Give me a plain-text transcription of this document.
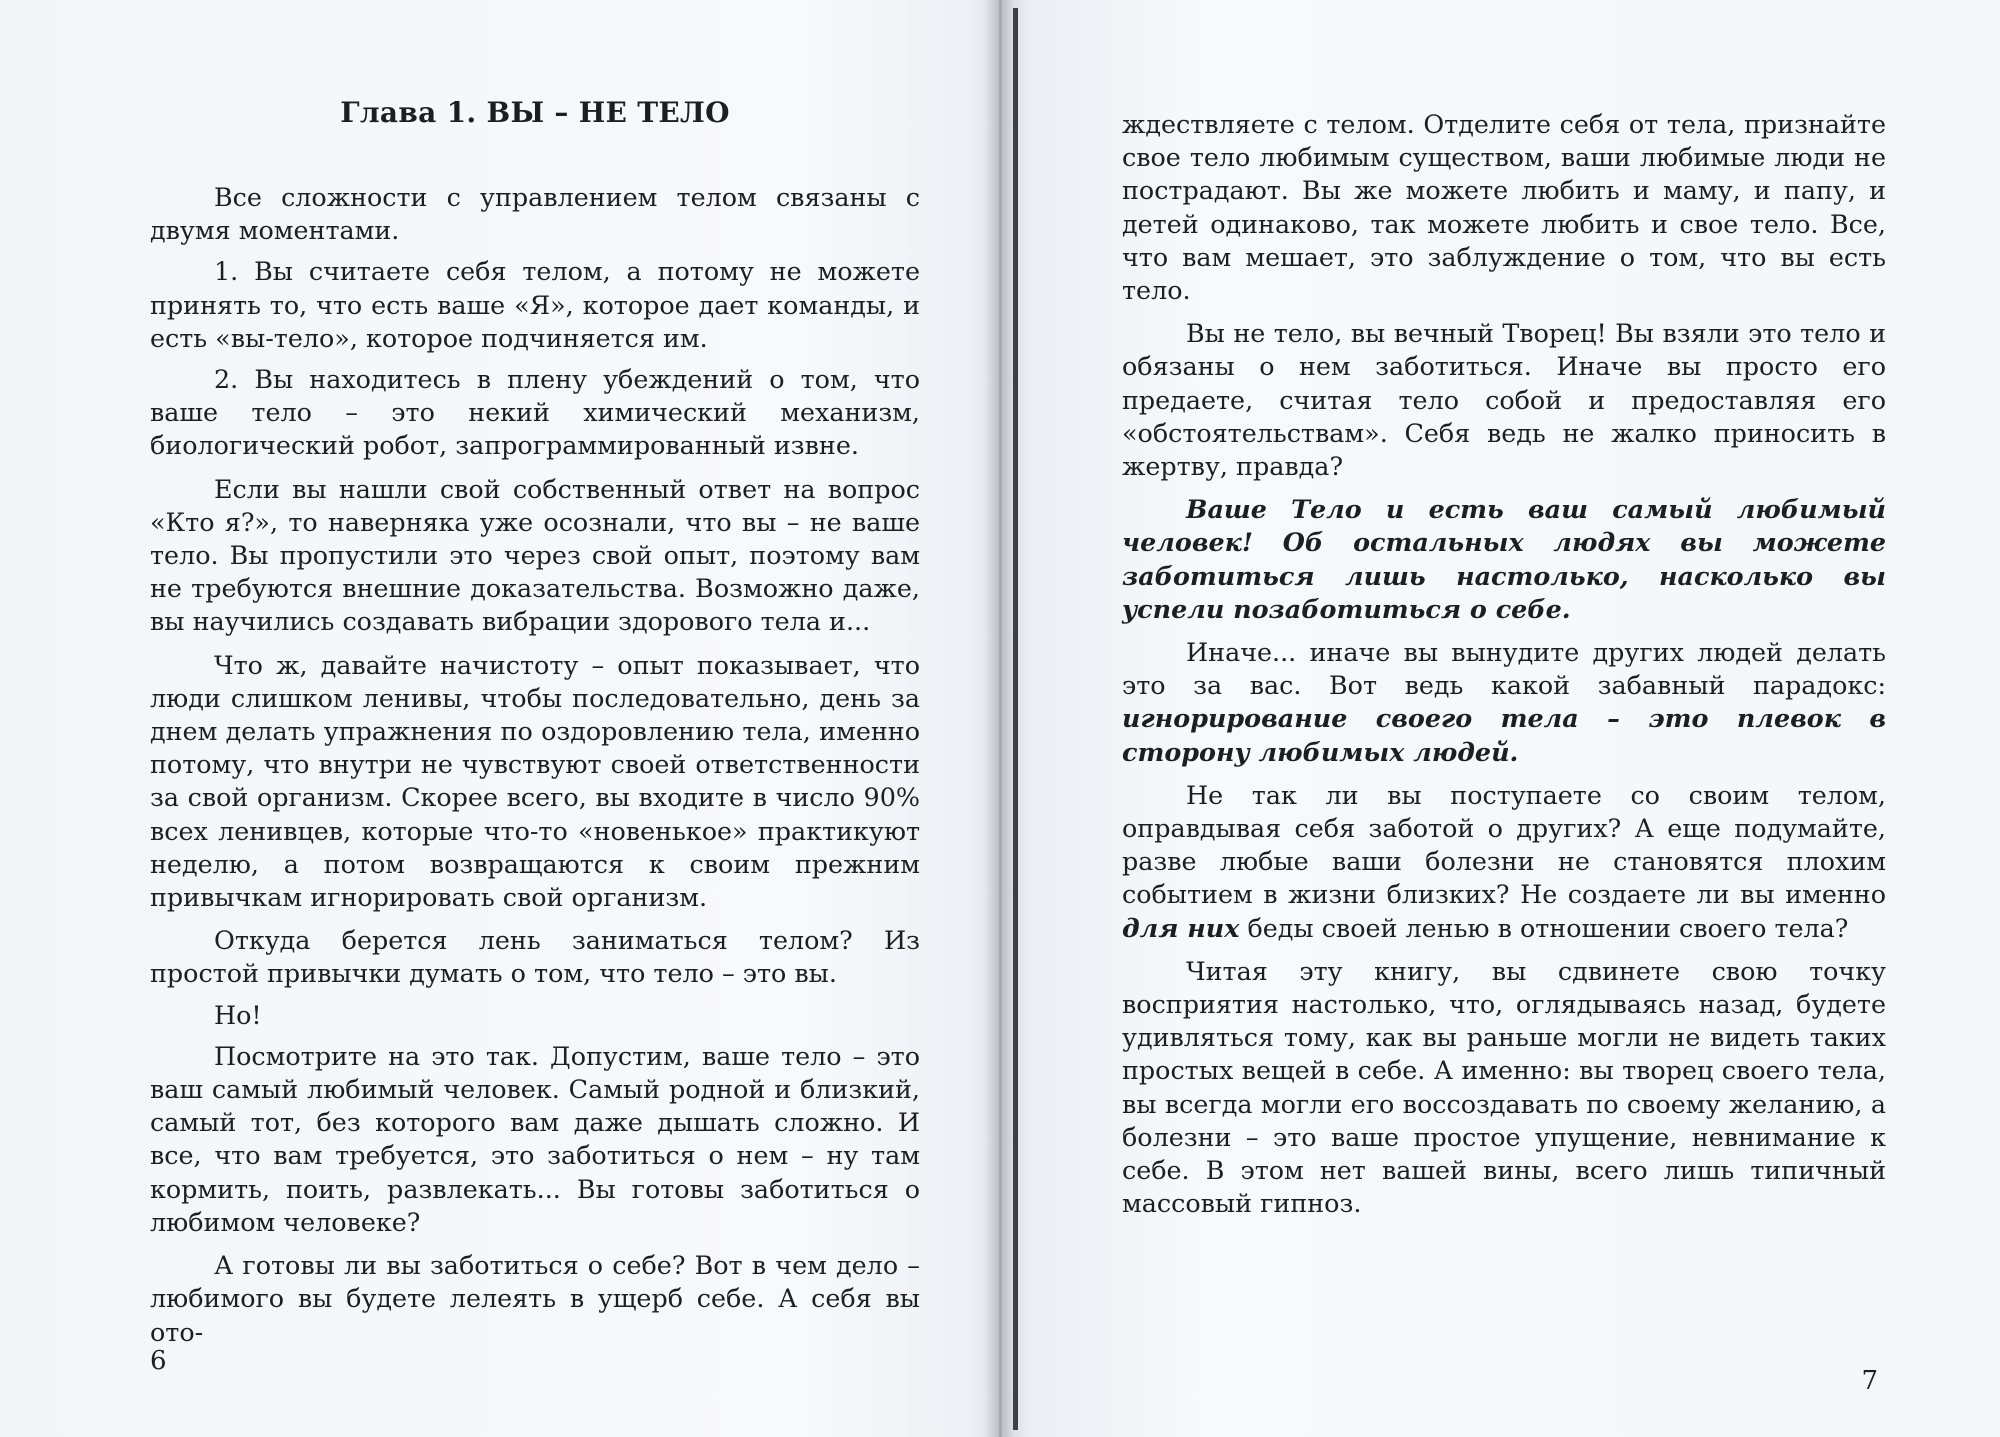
Глава 1. ВЫ – НЕ ТЕЛО

Все сложности с управлением телом связаны с двумя моментами.

1. Вы считаете себя телом, а потому не можете принять то, что есть ваше «Я», которое дает команды, и есть «вы-тело», которое подчиняется им.

2. Вы находитесь в плену убеждений о том, что ваше тело – это некий химический механизм, биологический робот, запрограммированный извне.

Если вы нашли свой собственный ответ на вопрос «Кто я?», то наверняка уже осознали, что вы – не ваше тело. Вы пропустили это через свой опыт, поэтому вам не требуются внешние доказательства. Возможно даже, вы научились создавать вибрации здорового тела и...

Что ж, давайте начистоту – опыт показывает, что люди слишком ленивы, чтобы последовательно, день за днем делать упражнения по оздоровлению тела, именно потому, что внутри не чувствуют своей ответственности за свой организм. Скорее всего, вы входите в число 90% всех ленивцев, которые что-то «новенькое» практикуют неделю, а потом возвращаются к своим прежним привычкам игнорировать свой организм.

Откуда берется лень заниматься телом? Из простой привычки думать о том, что тело – это вы.

Но!

Посмотрите на это так. Допустим, ваше тело – это ваш самый любимый человек. Самый родной и близкий, самый тот, без которого вам даже дышать сложно. И все, что вам требуется, это заботиться о нем – ну там кормить, поить, развлекать... Вы готовы заботиться о любимом человеке?

А готовы ли вы заботиться о себе? Вот в чем дело – любимого вы будете лелеять в ущерб себе. А себя вы ото-

6

ждествляете с телом. Отделите себя от тела, признайте свое тело любимым существом, ваши любимые люди не пострадают. Вы же можете любить и маму, и папу, и детей одинаково, так можете любить и свое тело. Все, что вам мешает, это заблуждение о том, что вы есть тело.

Вы не тело, вы вечный Творец! Вы взяли это тело и обязаны о нем заботиться. Иначе вы просто его предаете, считая тело собой и предоставляя его «обстоятельствам». Себя ведь не жалко приносить в жертву, правда?

Ваше Тело и есть ваш самый любимый человек! Об остальных людях вы можете заботиться лишь настолько, насколько вы успели позаботиться о себе.

Иначе... иначе вы вынудите других людей делать это за вас. Вот ведь какой забавный парадокс: игнорирование своего тела – это плевок в сторону любимых людей.

Не так ли вы поступаете со своим телом, оправдывая себя заботой о других? А еще подумайте, разве любые ваши болезни не становятся плохим событием в жизни близких? Не создаете ли вы именно для них беды своей ленью в отношении своего тела?

Читая эту книгу, вы сдвинете свою точку восприятия настолько, что, оглядываясь назад, будете удивляться тому, как вы раньше могли не видеть таких простых вещей в себе. А именно: вы творец своего тела, вы всегда могли его воссоздавать по своему желанию, а болезни – это ваше простое упущение, невнимание к себе. В этом нет вашей вины, всего лишь типичный массовый гипноз.

7
